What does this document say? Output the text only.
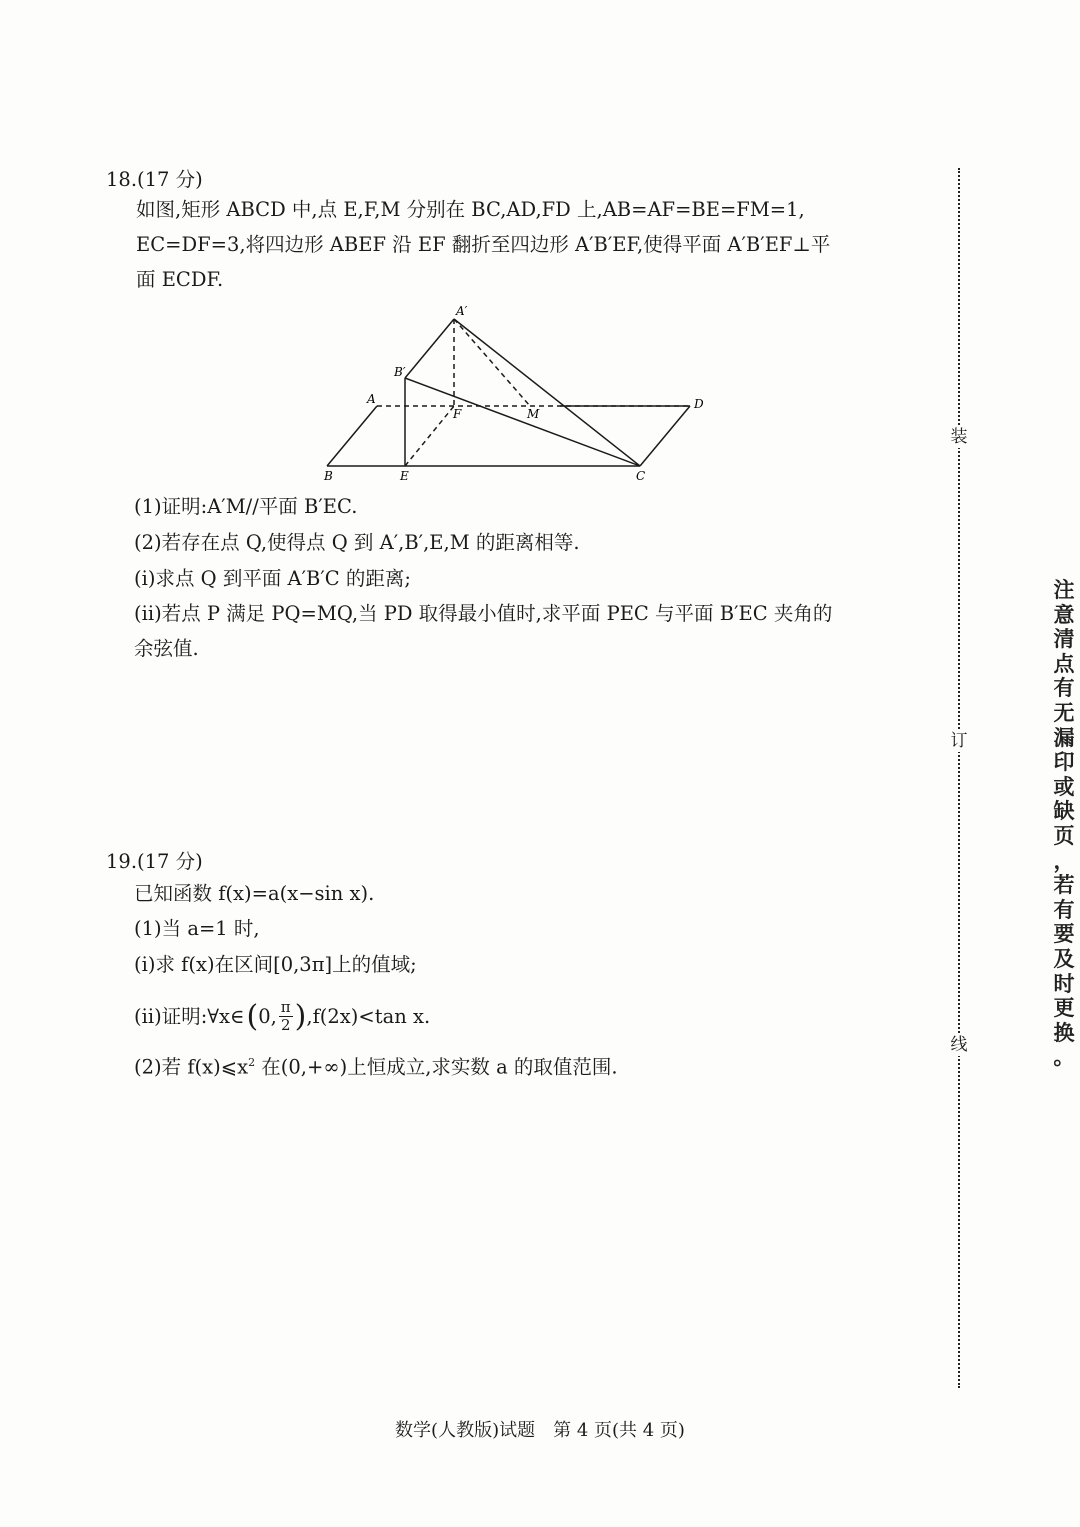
18.(17 分)
如图,矩形 ABCD 中,点 E,F,M 分别在 BC,AD,FD 上,AB=AF=BE=FM=1,
EC=DF=3,将四边形 ABEF 沿 EF 翻折至四边形 A′B′EF,使得平面 A′B′EF⊥平
面 ECDF.
A′
B′
A
F	M
D
B	E	C
(1)证明:A′M//平面 B′EC.
(2)若存在点 Q,使得点 Q 到 A′,B′,E,M 的距离相等.
(ⅰ)求点 Q 到平面 A′B′C 的距离;
(ⅱ)若点 P 满足 PQ=MQ,当 PD 取得最小值时,求平面 PEC 与平面 B′EC 夹角的
余弦值.
19.(17 分)
已知函数 f(x)=a(x−sin x).
(1)当 a=1 时,
(ⅰ)求 f(x)在区间[0,3π]上的值域;
(ⅱ)证明:∀x∈ ( 0, π
2 ) ,f(2x)<tan x.
(2)若 $f(x)⩽x^2$ 在(0,+∞)上恒成立,求实数 a 的取值范围.
装
订
线
注
意
清
点
有
无
漏
印
或
缺
页
，
若
有
要
及
时
更
换
。
数学(人教版)试题　第 4 页(共 4 页)
